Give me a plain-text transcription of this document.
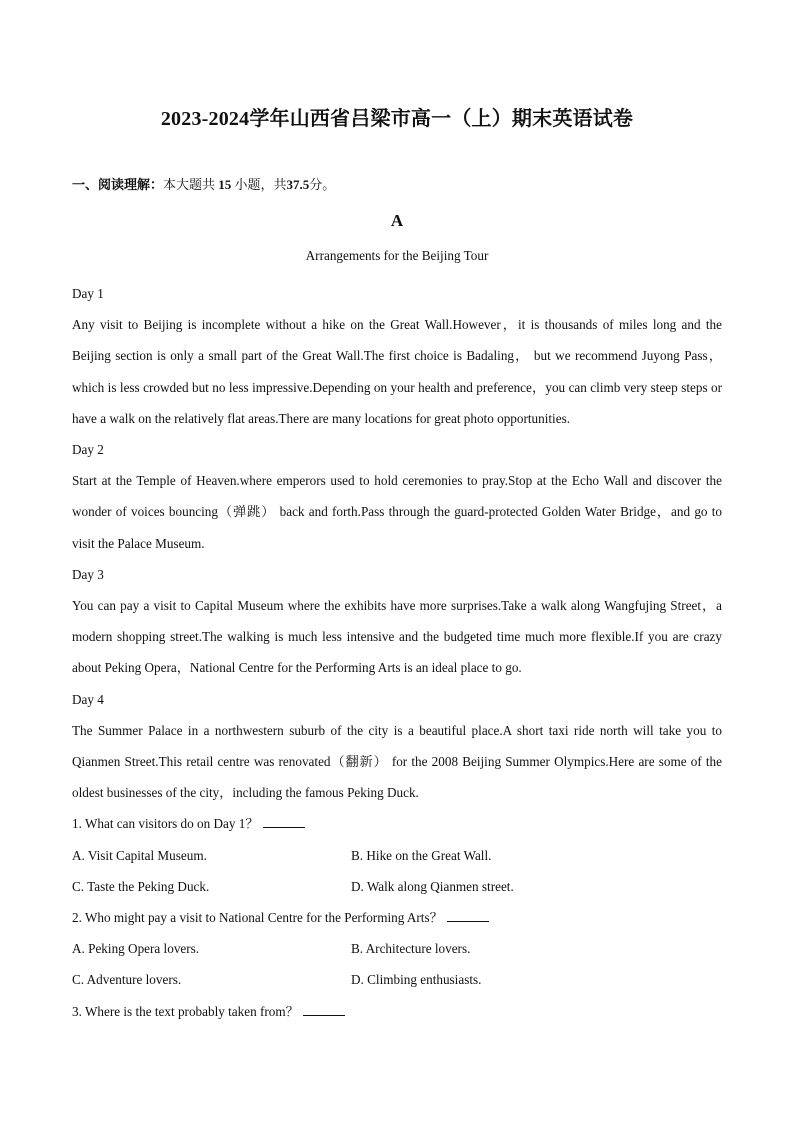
2023-2024学年山西省吕梁市高一（上）期末英语试卷
一、阅读理解：本大题共 15 小题，共37.5分。
A
Arrangements for the Beijing Tour

Day 1

Any visit to Beijing is incomplete without a hike on the Great Wall.However，it is thousands of miles long and the Beijing section is only a small part of the Great Wall.The first choice is Badaling， but we recommend Juyong Pass，which is less crowded but no less impressive.Depending on your health and preference，you can climb very steep steps or have a walk on the relatively flat areas.There are many locations for great photo opportunities.

Day 2

Start at the Temple of Heaven.where emperors used to hold ceremonies to pray.Stop at the Echo Wall and discover the wonder of voices bouncing（弹跳） back and forth.Pass through the guard-protected Golden Water Bridge，and go to visit the Palace Museum.

Day 3

You can pay a visit to Capital Museum where the exhibits have more surprises.Take a walk along Wangfujing Street，a modern shopping street.The walking is much less intensive and the budgeted time much more flexible.If you are crazy about Peking Opera，National Centre for the Performing Arts is an ideal place to go.

Day 4

The Summer Palace in a northwestern suburb of the city is a beautiful place.A short taxi ride north will take you to Qianmen Street.This retail centre was renovated（翻新） for the 2008 Beijing Summer Olympics.Here are some of the oldest businesses of the city，including the famous Peking Duck.

1. What can visitors do on Day 1？

A. Visit Capital Museum.	B. Hike on the Great Wall.
C. Taste the Peking Duck.	D. Walk along Qianmen street.

2. Who might pay a visit to National Centre for the Performing Arts？

A. Peking Opera lovers.	B. Architecture lovers.
C. Adventure lovers.	D. Climbing enthusiasts.

3. Where is the text probably taken from？
